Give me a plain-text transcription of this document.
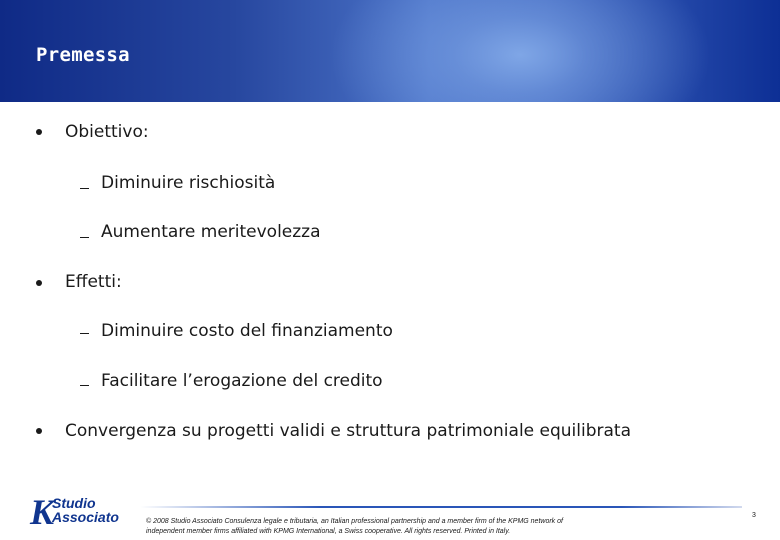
Premessa
Obiettivo:
Diminuire rischiosità
Aumentare meritevolezza
Effetti:
Diminuire costo del finanziamento
Facilitare l’erogazione del credito
Convergenza su progetti validi e struttura patrimoniale equilibrata
K
Studio
Associato	© 2008 Studio Associato Consulenza legale e tributaria, an Italian professional partnership and a member firm of the KPMG network of
independent member firms affiliated with KPMG International, a Swiss cooperative. All rights reserved. Printed in Italy.
3
